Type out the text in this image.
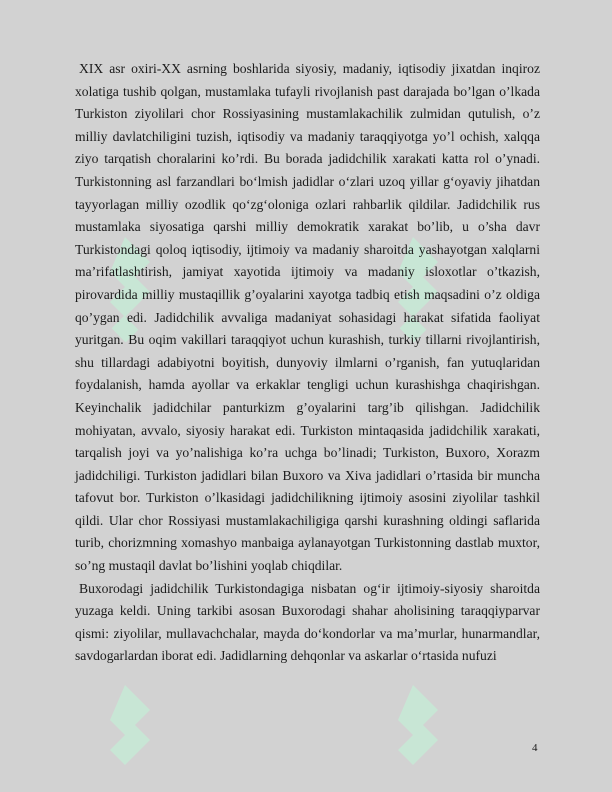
XIX asr oxiri-XX asrning boshlarida siyosiy, madaniy, iqtisodiy jixatdan inqiroz xolatiga tushib qolgan, mustamlaka tufayli rivojlanish past darajada bo’lgan o’lkada Turkiston ziyolilari chor Rossiyasining mustamlakachilik zulmidan qutulish, o’z milliy davlatchiligini tuzish, iqtisodiy va madaniy taraqqiyotga yo’l ochish, xalqqa ziyo tarqatish choralarini ko’rdi. Bu borada jadidchilik xarakati katta rol o’ynadi. Turkistonning asl farzandlari bo‘lmish jadidlar o‘zlari uzoq yillar g‘oyaviy jihatdan tayyorlagan milliy ozodlik qo‘zg‘oloniga ozlari rahbarlik qildilar. Jadidchilik rus mustamlaka siyosatiga qarshi milliy demokratik xarakat bo’lib, u o’sha davr Turkistondagi qoloq iqtisodiy, ijtimoiy va madaniy sharoitda yashayotgan xalqlarni ma’rifatlashtirish, jamiyat xayotida ijtimoiy va madaniy isloxotlar o’tkazish, pirovardida milliy mustaqillik g’oyalarini xayotga tadbiq etish maqsadini o’z oldiga qo’ygan edi. Jadidchilik avvaliga madaniyat sohasidagi harakat sifatida faoliyat yuritgan. Bu oqim vakillari taraqqiyot uchun kurashish, turkiy tillarni rivojlantirish, shu tillardagi adabiyotni boyitish, dunyoviy ilmlarni o’rganish, fan yutuqlaridan foydalanish, hamda ayollar va erkaklar tengligi uchun kurashishga chaqirishgan. Keyinchalik jadidchilar panturkizm g’oyalarini targ’ib qilishgan. Jadidchilik mohiyatan, avvalo, siyosiy harakat edi. Turkiston mintaqasida jadidchilik xarakati, tarqalish joyi va yo’nalishiga ko’ra uchga bo’linadi; Turkiston, Buxoro, Xorazm jadidchiligi. Turkiston jadidlari bilan Buxoro va Xiva jadidlari o’rtasida bir muncha tafovut bor. Turkiston o’lkasidagi jadidchilikning ijtimoiy asosini ziyolilar tashkil qildi. Ular chor Rossiyasi mustamlakachiligiga qarshi kurashning oldingi saflarida turib, chorizmning xomashyo manbaiga aylanayotgan Turkistonning dastlab muxtor, so’ng mustaqil davlat bo’lishini yoqlab chiqdilar.

Buxorodagi jadidchilik Turkistondagiga nisbatan og‘ir ijtimoiy-siyosiy sharoitda yuzaga keldi. Uning tarkibi asosan Buxorodagi shahar aholisining taraqqiyparvar qismi: ziyolilar, mullavachchalar, mayda do‘kondorlar va ma’murlar, hunarmandlar, savdogarlardan iborat edi. Jadidlarning dehqonlar va askarlar o‘rtasida nufuzi

4
